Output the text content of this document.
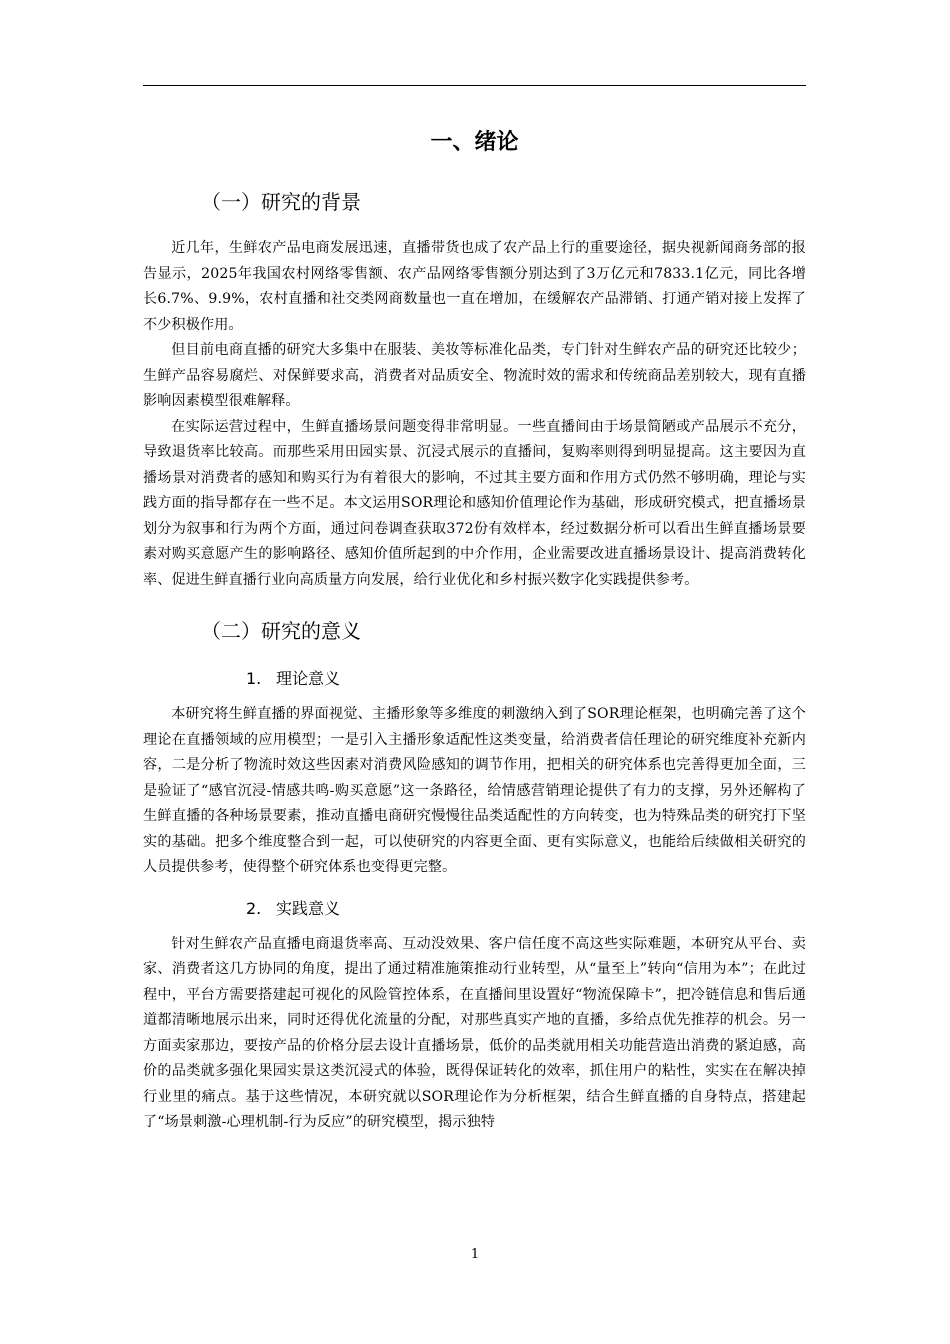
一、绪论
（一）研究的背景

近几年，生鲜农产品电商发展迅速，直播带货也成了农产品上行的重要途径，据央视新闻商务部的报告显示，2025年我国农村网络零售额、农产品网络零售额分别达到了3万亿元和7833.1亿元，同比各增长6.7%、9.9%，农村直播和社交类网商数量也一直在增加，在缓解农产品滞销、打通产销对接上发挥了不少积极作用。

但目前电商直播的研究大多集中在服装、美妆等标准化品类，专门针对生鲜农产品的研究还比较少；生鲜产品容易腐烂、对保鲜要求高，消费者对品质安全、物流时效的需求和传统商品差别较大，现有直播影响因素模型很难解释。

在实际运营过程中，生鲜直播场景问题变得非常明显。一些直播间由于场景简陋或产品展示不充分，导致退货率比较高。而那些采用田园实景、沉浸式展示的直播间，复购率则得到明显提高。这主要因为直播场景对消费者的感知和购买行为有着很大的影响，不过其主要方面和作用方式仍然不够明确，理论与实践方面的指导都存在一些不足。本文运用SOR理论和感知价值理论作为基础，形成研究模式，把直播场景划分为叙事和行为两个方面，通过问卷调查获取372份有效样本，经过数据分析可以看出生鲜直播场景要素对购买意愿产生的影响路径、感知价值所起到的中介作用，企业需要改进直播场景设计、提高消费转化率、促进生鲜直播行业向高质量方向发展，给行业优化和乡村振兴数字化实践提供参考。

（二）研究的意义
1. 理论意义

本研究将生鲜直播的界面视觉、主播形象等多维度的刺激纳入到了SOR理论框架，也明确完善了这个理论在直播领域的应用模型；一是引入主播形象适配性这类变量，给消费者信任理论的研究维度补充新内容，二是分析了物流时效这些因素对消费风险感知的调节作用，把相关的研究体系也完善得更加全面，三是验证了“感官沉浸-情感共鸣-购买意愿”这一条路径，给情感营销理论提供了有力的支撑，另外还解构了生鲜直播的各种场景要素，推动直播电商研究慢慢往品类适配性的方向转变，也为特殊品类的研究打下坚实的基础。把多个维度整合到一起，可以使研究的内容更全面、更有实际意义，也能给后续做相关研究的人员提供参考，使得整个研究体系也变得更完整。

2. 实践意义

针对生鲜农产品直播电商退货率高、互动没效果、客户信任度不高这些实际难题，本研究从平台、卖家、消费者这几方协同的角度，提出了通过精准施策推动行业转型，从“量至上”转向“信用为本”；在此过程中，平台方需要搭建起可视化的风险管控体系，在直播间里设置好“物流保障卡”，把冷链信息和售后通道都清晰地展示出来，同时还得优化流量的分配，对那些真实产地的直播，多给点优先推荐的机会。另一方面卖家那边，要按产品的价格分层去设计直播场景，低价的品类就用相关功能营造出消费的紧迫感，高价的品类就多强化果园实景这类沉浸式的体验，既得保证转化的效率，抓住用户的粘性，实实在在解决掉行业里的痛点。基于这些情况，本研究就以SOR理论作为分析框架，结合生鲜直播的自身特点，搭建起了“场景刺激-心理机制-行为反应”的研究模型，揭示独特

1
